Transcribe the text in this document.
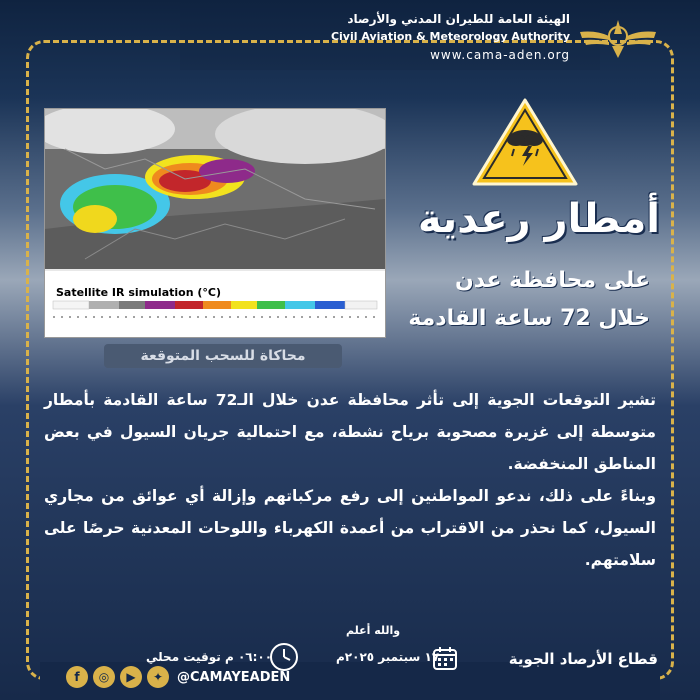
الهيئة العامة للطيران المدني والأرصاد
Civil Aviation & Meteorology Authority
www.cama-aden.org
Satellite IR simulation (°C)
محاكاة للسحب المتوقعة
أمطار رعدية
على محافظة عدن
خلال 72 ساعة القادمة

تشير التوقعات الجوية إلى تأثر محافظة عدن خلال الـ72 ساعة القادمة بأمطار متوسطة إلى غزيرة مصحوبة برياح نشطة، مع احتمالية جريان السيول في بعض المناطق المنخفضة.

وبناءً على ذلك، ندعو المواطنين إلى رفع مركباتهم وإزالة أي عوائق من مجاري السيول، كما نحذر من الاقتراب من أعمدة الكهرباء واللوحات المعدنية حرصًا على سلامتهم.

والله أعلم
قطاع الأرصاد الجوية
١٧ سبتمبر ٢٠٢٥م
٠٦:٠٠ م توقيت محلي
f	◎	▶	✦	@CAMAYEADEN
